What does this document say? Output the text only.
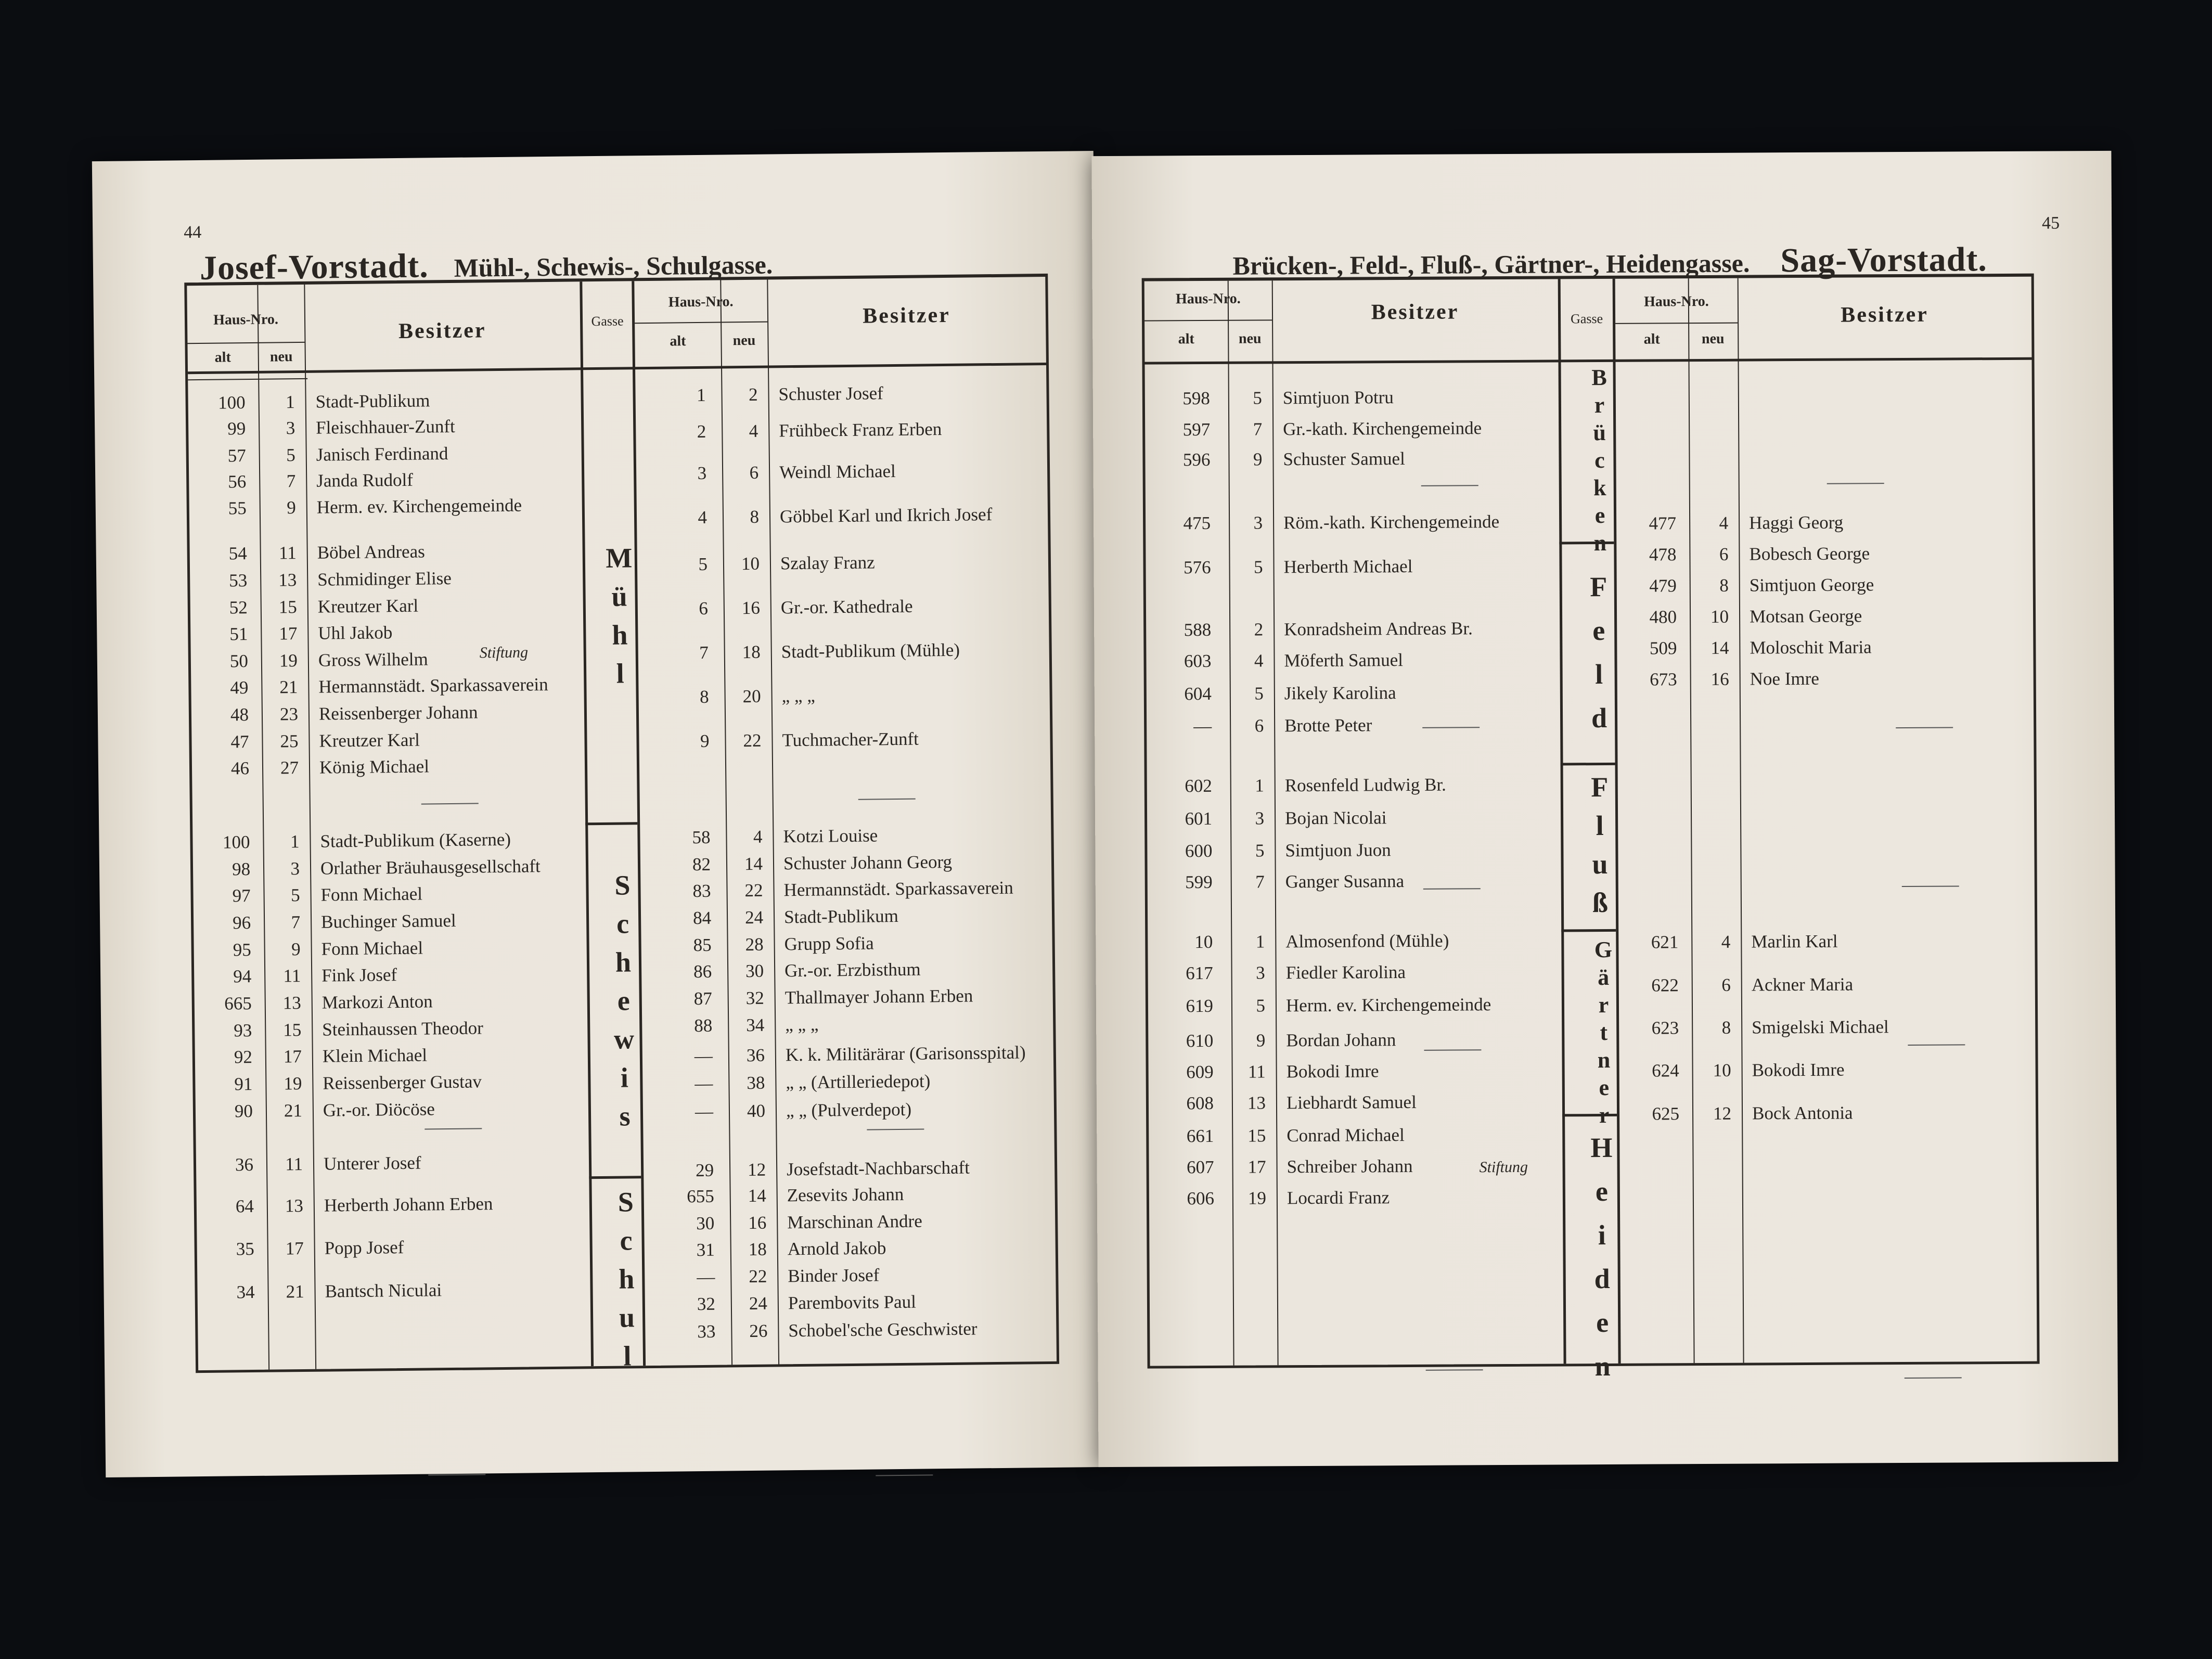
44
Josef-Vorstadt. Mühl-, Schewis-, Schulgasse.
Haus-Nro.
alt	neu
Besitzer	Gasse
Haus-Nro.
alt	neu
Besitzer
Mühl
Schewis
Schul
100	1 Stadt-Publikum
99	3 Fleischhauer-Zunft
57	5 Janisch Ferdinand
56	7 Janda Rudolf
55	9 Herm. ev. Kirchengemeinde
54	11 Böbel Andreas
53	13 Schmidinger Elise
52	15 Kreutzer Karl
51	17 Uhl Jakob
50	19 Gross Wilhelm
49	21 Hermannstädt. Sparkassaverein
48	23 Reissenberger Johann
47	25 Kreutzer Karl
46	27 König Michael
100	1 Stadt-Publikum (Kaserne)
98	3 Orlather Bräuhausgesellschaft
97	5 Fonn Michael
96	7 Buchinger Samuel
95	9 Fonn Michael
94	11 Fink Josef
665	13 Markozi Anton
93	15 Steinhaussen Theodor
92	17 Klein Michael
91	19 Reissenberger Gustav
90	21 Gr.-or. Diöcöse
36	11 Unterer Josef
64	13 Herberth Johann Erben
35	17 Popp Josef
34	21 Bantsch Niculai
1	2 Schuster Josef
2	4 Frühbeck Franz Erben
3	6 Weindl Michael
4	8 Göbbel Karl und Ikrich Josef
5	10 Szalay Franz
6	16 Gr.-or. Kathedrale
7	18 Stadt-Publikum (Mühle)
8	20 „ „ „
9	22 Tuchmacher-Zunft
58	4 Kotzi Louise
82	14 Schuster Johann Georg
83	22 Hermannstädt. Sparkassaverein
84	24 Stadt-Publikum
85	28 Grupp Sofia
86	30 Gr.-or. Erzbisthum
87	32 Thallmayer Johann Erben
88	34 „ „ „
—	36 K. k. Militärärar (Garisonsspital)
—	38 „ „ (Artilleriedepot)
—	40 „ „ (Pulverdepot)
29	12 Josefstadt-Nachbarschaft
655	14 Zesevits Johann
30	16 Marschinan Andre
31	18 Arnold Jakob
—	22 Binder Josef
32	24 Parembovits Paul
33	26 Schobel'sche Geschwister
Stiftung
45
Brücken-, Feld-, Fluß-, Gärtner-, Heidengasse. Sag-Vorstadt.
Haus-Nro.
alt	neu
Besitzer	Gasse
Haus-Nro.
alt	neu
Besitzer
Brücken
Feld
Fluß
Gärtner
Heiden
598	5 Simtjuon Potru
597	7 Gr.-kath. Kirchengemeinde
596	9 Schuster Samuel
475	3 Röm.-kath. Kirchengemeinde
576	5 Herberth Michael
588	2 Konradsheim Andreas Br.
603	4 Möferth Samuel
604	5 Jikely Karolina
—	6 Brotte Peter
602	1 Rosenfeld Ludwig Br.
601	3 Bojan Nicolai
600	5 Simtjuon Juon
599	7 Ganger Susanna
10	1 Almosenfond (Mühle)
617	3 Fiedler Karolina
619	5 Herm. ev. Kirchengemeinde
610	9 Bordan Johann
609	11 Bokodi Imre
608	13 Liebhardt Samuel
661	15 Conrad Michael
607	17 Schreiber Johann
606	19 Locardi Franz
477	4 Haggi Georg
478	6 Bobesch George
479	8 Simtjuon George
480	10 Motsan George
509	14 Moloschit Maria
673	16 Noe Imre
621	4 Marlin Karl
622	6 Ackner Maria
623	8 Smigelski Michael
624	10 Bokodi Imre
625	12 Bock Antonia
Stiftung
